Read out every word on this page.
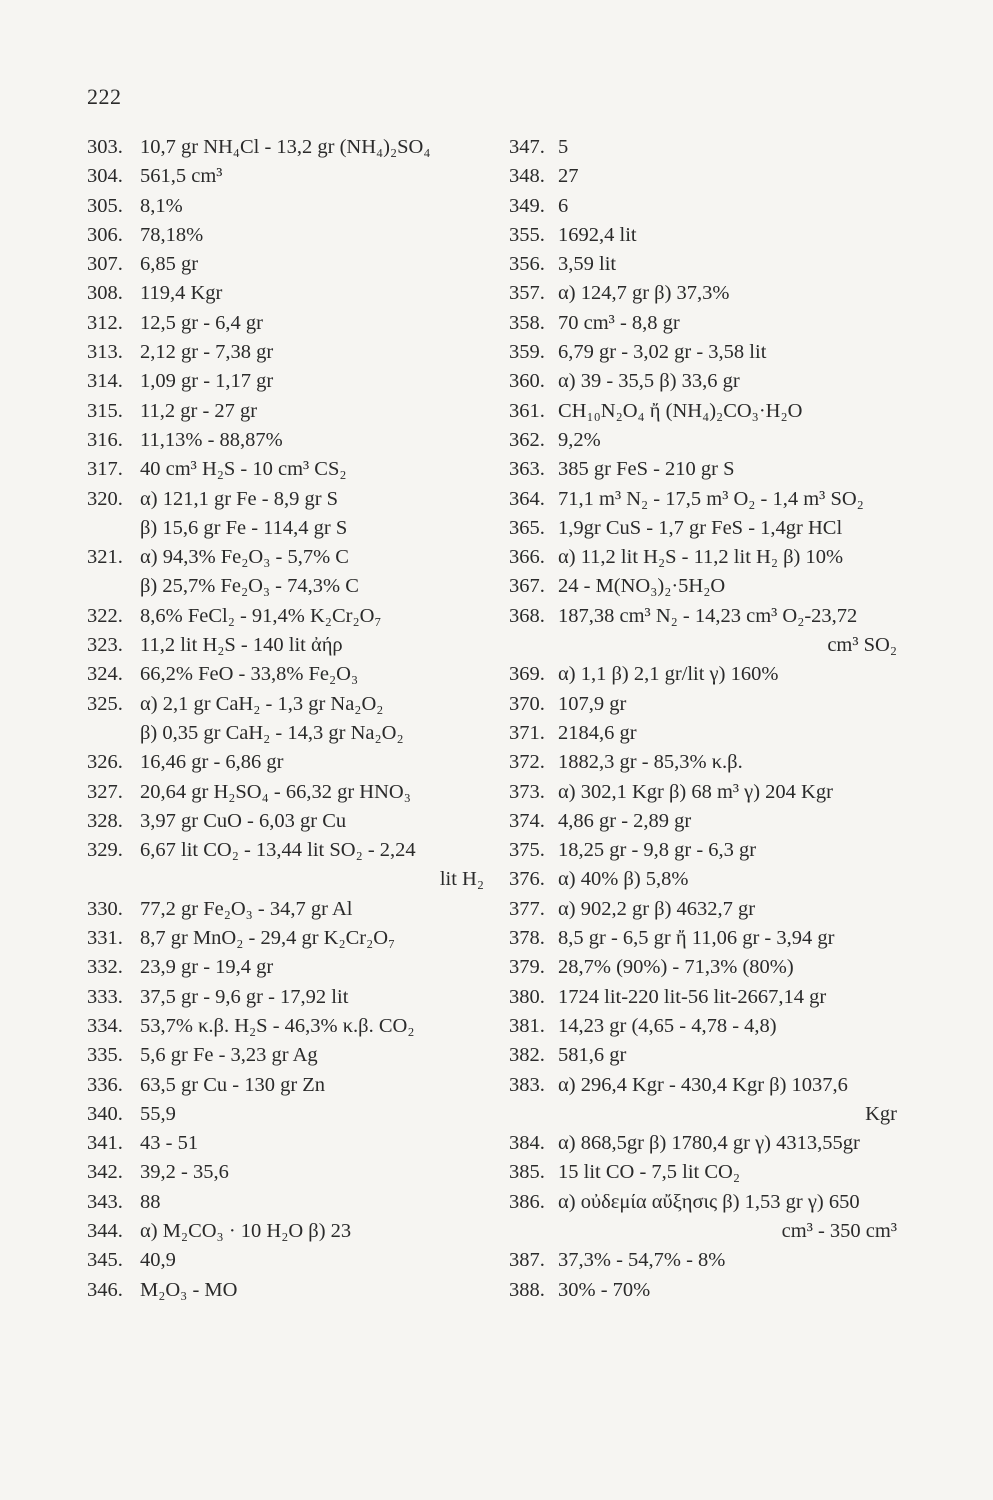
222
303. 10,7 gr NH₄Cl - 13,2 gr (NH₄)₂SO₄
304. 561,5 cm³
305. 8,1%
306. 78,18%
307. 6,85 gr
308. 119,4 Kgr
312. 12,5 gr - 6,4 gr
313. 2,12 gr - 7,38 gr
314. 1,09 gr - 1,17 gr
315. 11,2 gr - 27 gr
316. 11,13% - 88,87%
317. 40 cm³ H₂S - 10 cm³ CS₂
320. α) 121,1 gr Fe - 8,9 gr S
β) 15,6 gr Fe - 114,4 gr S
321. α) 94,3% Fe₂O₃ - 5,7% C
β) 25,7% Fe₂O₃ - 74,3% C
322. 8,6% FeCl₂ - 91,4% K₂Cr₂O₇
323. 11,2 lit H₂S - 140 lit ἀήρ
324. 66,2% FeO - 33,8% Fe₂O₃
325. α) 2,1 gr CaH₂ - 1,3 gr Na₂O₂
β) 0,35 gr CaH₂ - 14,3 gr Na₂O₂
326. 16,46 gr - 6,86 gr
327. 20,64 gr H₂SO₄ - 66,32 gr HNO₃
328. 3,97 gr CuO - 6,03 gr Cu
329. 6,67 lit CO₂ - 13,44 lit SO₂ - 2,24
lit H₂
330. 77,2 gr Fe₂O₃ - 34,7 gr Al
331. 8,7 gr MnO₂ - 29,4 gr K₂Cr₂O₇
332. 23,9 gr - 19,4 gr
333. 37,5 gr - 9,6 gr - 17,92 lit
334. 53,7% κ.β. H₂S - 46,3% κ.β. CO₂
335. 5,6 gr Fe - 3,23 gr Ag
336. 63,5 gr Cu - 130 gr Zn
340. 55,9
341. 43 - 51
342. 39,2 - 35,6
343. 88
344. α) M₂CO₃ · 10 H₂O β) 23
345. 40,9
346. M₂O₃ - MO
347. 5
348. 27
349. 6
355. 1692,4 lit
356. 3,59 lit
357. α) 124,7 gr β) 37,3%
358. 70 cm³ - 8,8 gr
359. 6,79 gr - 3,02 gr - 3,58 lit
360. α) 39 - 35,5 β) 33,6 gr
361. CH₁₀N₂O₄ ἤ (NH₄)₂CO₃·H₂O
362. 9,2%
363. 385 gr FeS - 210 gr S
364. 71,1 m³ N₂ - 17,5 m³ O₂ - 1,4 m³ SO₂
365. 1,9gr CuS - 1,7 gr FeS - 1,4gr HCl
366. α) 11,2 lit H₂S - 11,2 lit H₂ β) 10%
367. 24 - M(NO₃)₂·5H₂O
368. 187,38 cm³ N₂ - 14,23 cm³ O₂-23,72
cm³ SO₂
369. α) 1,1 β) 2,1 gr/lit γ) 160%
370. 107,9 gr
371. 2184,6 gr
372. 1882,3 gr - 85,3% κ.β.
373. α) 302,1 Kgr β) 68 m³ γ) 204 Kgr
374. 4,86 gr - 2,89 gr
375. 18,25 gr - 9,8 gr - 6,3 gr
376. α) 40% β) 5,8%
377. α) 902,2 gr β) 4632,7 gr
378. 8,5 gr - 6,5 gr ἤ 11,06 gr - 3,94 gr
379. 28,7% (90%) - 71,3% (80%)
380. 1724 lit-220 lit-56 lit-2667,14 gr
381. 14,23 gr (4,65 - 4,78 - 4,8)
382. 581,6 gr
383. α) 296,4 Kgr - 430,4 Kgr β) 1037,6
Kgr
384. α) 868,5gr β) 1780,4 gr γ) 4313,55gr
385. 15 lit CO - 7,5 lit CO₂
386. α) οὐδεμία αὔξησις β) 1,53 gr γ) 650
cm³ - 350 cm³
387. 37,3% - 54,7% - 8%
388. 30% - 70%
